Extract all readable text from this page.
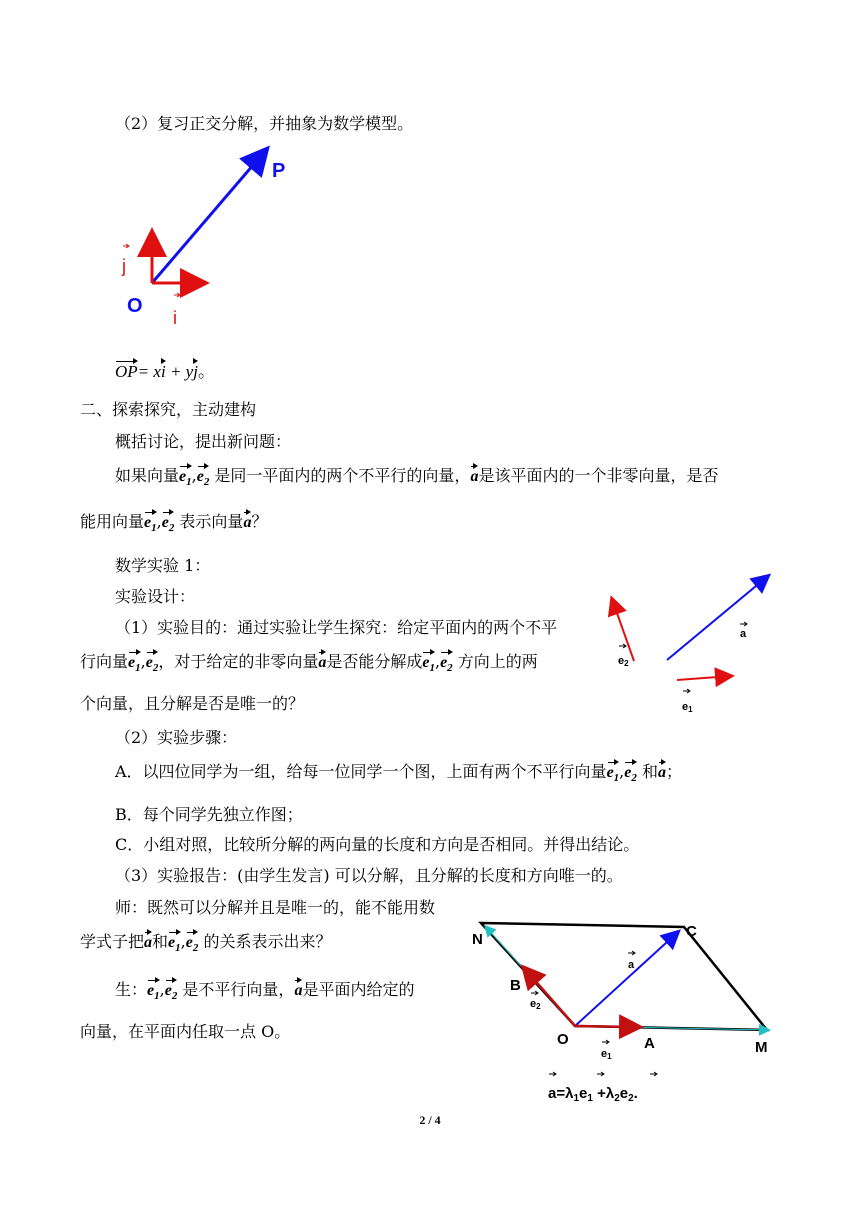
（2）复习正交分解，并抽象为数学模型。
P
O
i
j
OP= xi + yj。
二、探索探究，主动建构
概括讨论，提出新问题：
如果向量$e_1,e_2$ 是同一平面内的两个不平行的向量，a是该平面内的一个非零向量，是否
能用向量$e_1,e_2$ 表示向量a？
数学实验 1：
实验设计：
（1）实验目的：通过实验让学生探究：给定平面内的两个不平
行向量$e_1,e_2$，对于给定的非零向量a是否能分解成$e_1,e_2$ 方向上的两
个向量，且分解是否是唯一的？
a
e2
e1
（2）实验步骤：
A．以四位同学为一组，给每一位同学一个图，上面有两个不平行向量$e_1,e_2$ 和a；
B．每个同学先独立作图；
C．小组对照，比较所分解的两向量的长度和方向是否相同。并得出结论。
（3）实验报告：(由学生发言) 可以分解，且分解的长度和方向唯一的。
师：既然可以分解并且是唯一的，能不能用数
学式子把a和$e_1,e_2$ 的关系表示出来？
生：$e_1,e_2$ 是不平行向量，a是平面内给定的
向量，在平面内任取一点 O。
N	C
B
O	A	M
a
e2
e1
$a=\lambda_1e_1 +\lambda_2e_2$.
2 / 4
